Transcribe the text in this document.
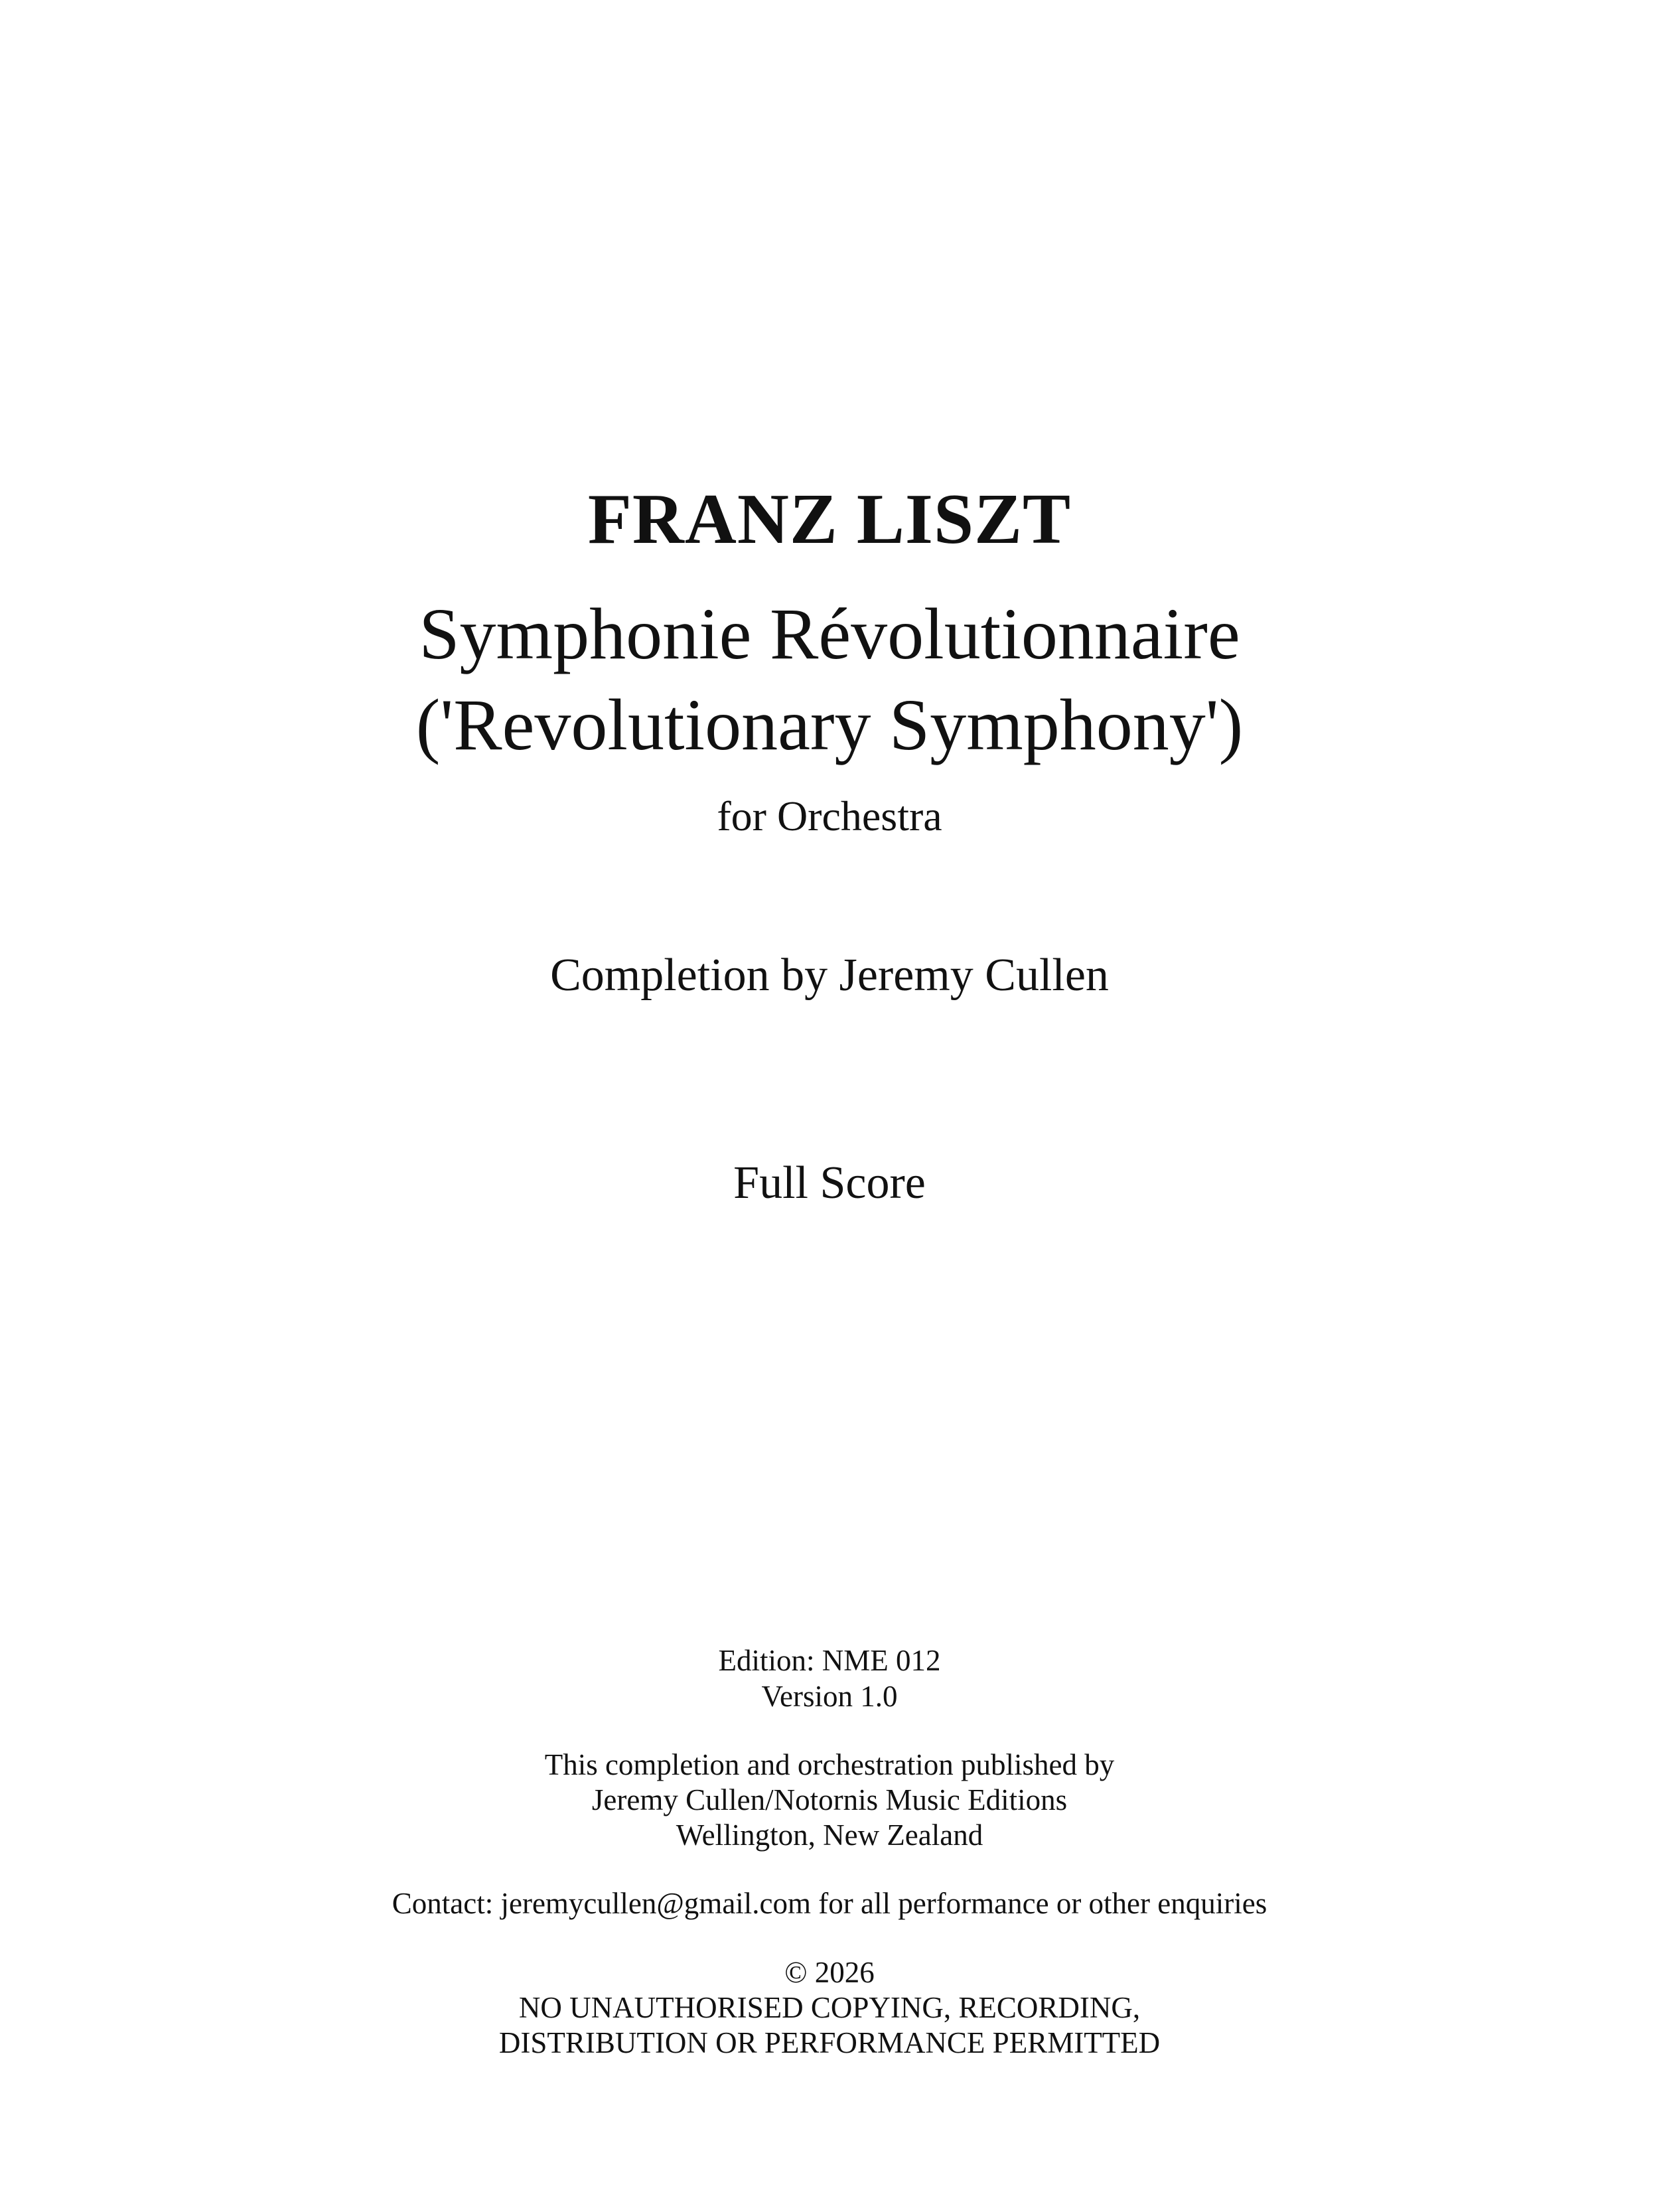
FRANZ LISZT
Symphonie Révolutionnaire
('Revolutionary Symphony')
for Orchestra
Completion by Jeremy Cullen
Full Score
Edition: NME 012
Version 1.0
This completion and orchestration published by
Jeremy Cullen/Notornis Music Editions
Wellington, New Zealand
Contact: jeremycullen@gmail.com for all performance or other enquiries
© 2026
NO UNAUTHORISED COPYING, RECORDING,
DISTRIBUTION OR PERFORMANCE PERMITTED
